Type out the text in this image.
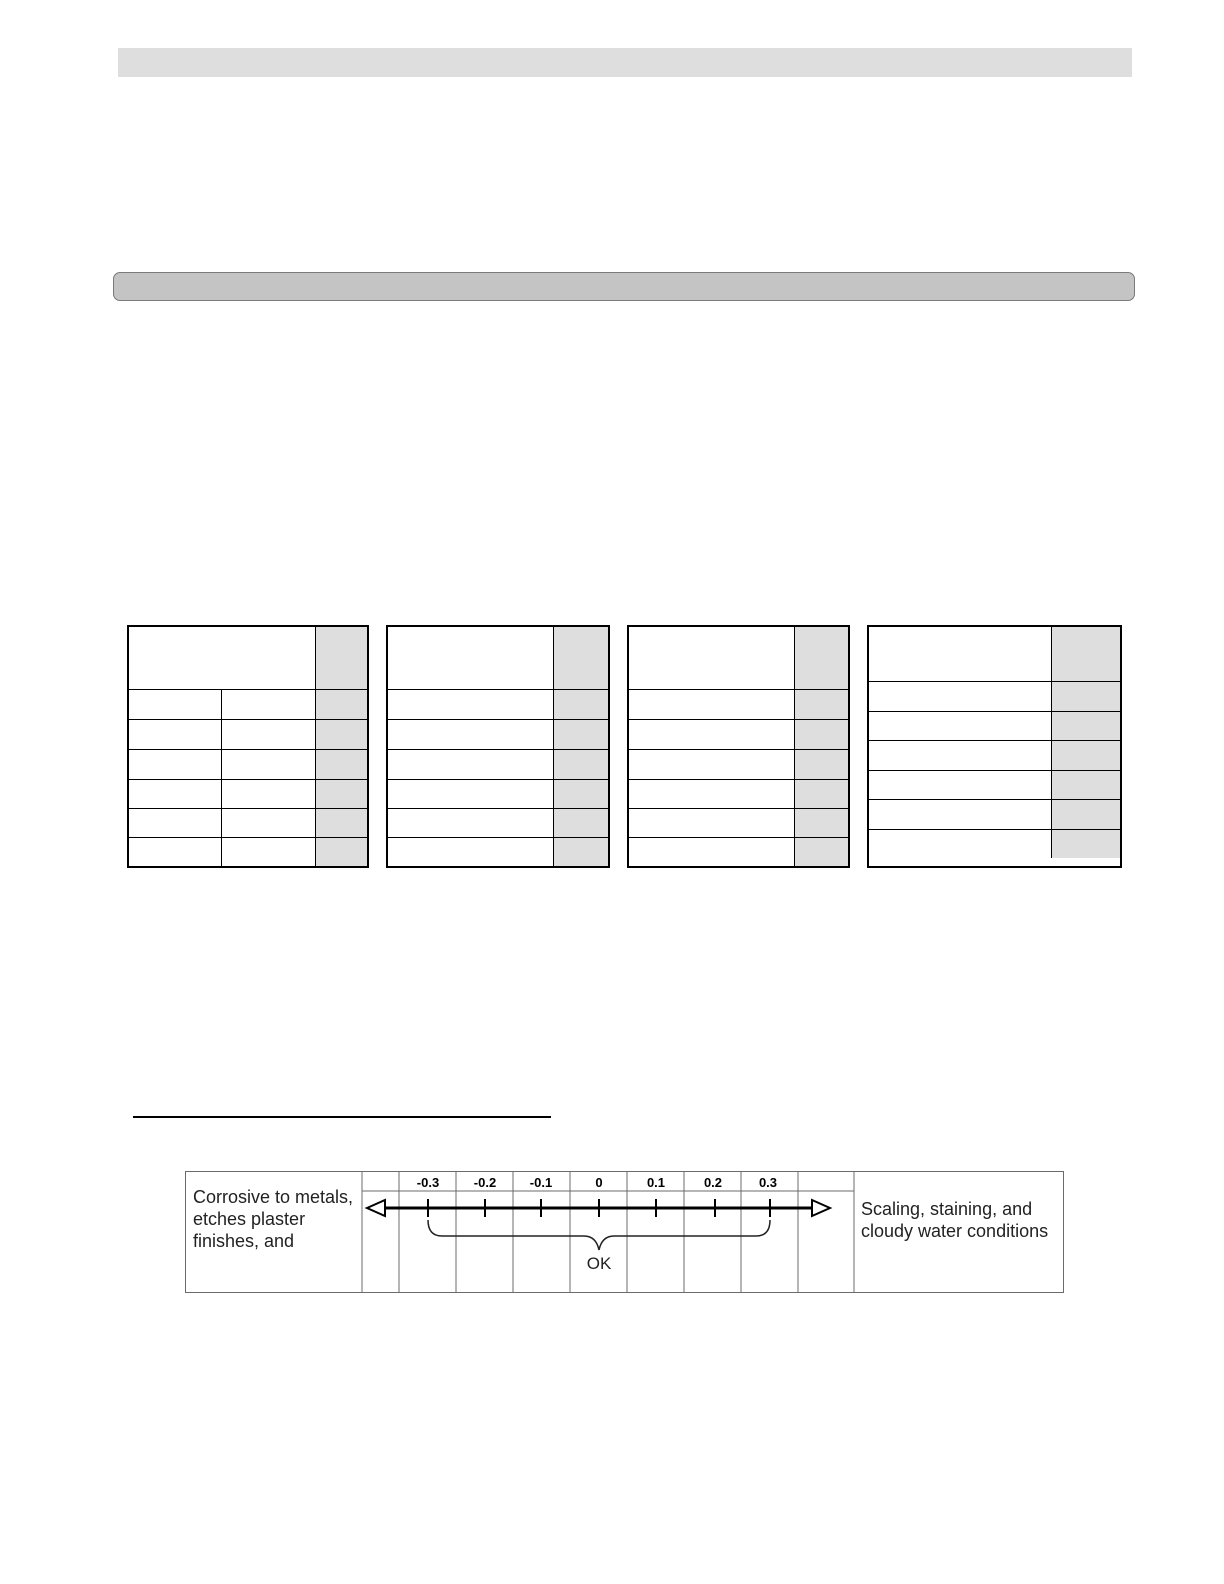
-0.3	-0.2	-0.1	0	0.1	0.2	0.3
OK
Corrosive to metals, etches plaster finishes, and
Scaling, staining, and cloudy water conditions
